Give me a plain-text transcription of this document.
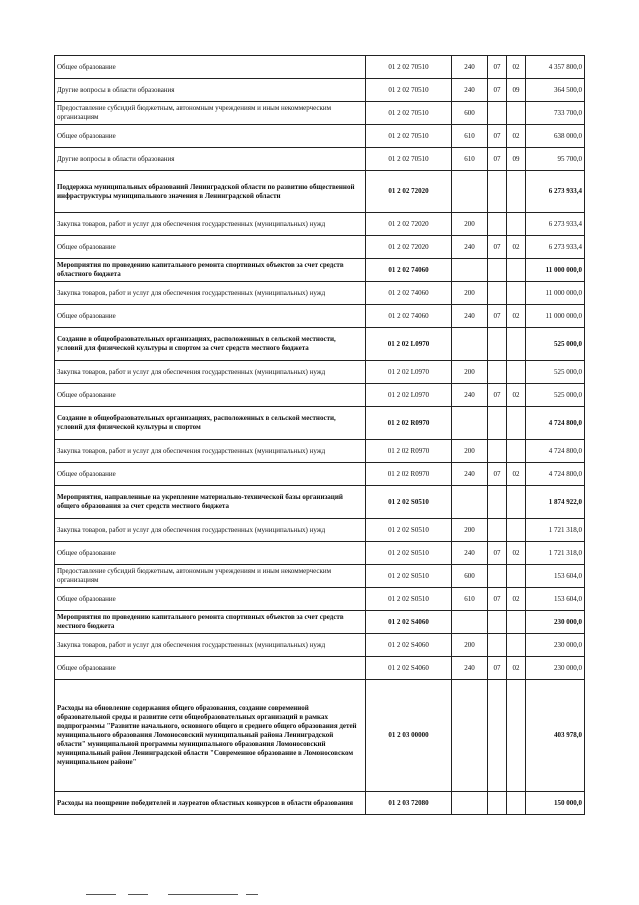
Общее образование	01 2 02 70510	240	07	02	4 357 800,0
Другие вопросы в области образования	01 2 02 70510	240	07	09	364 500,0
Предоставление субсидий бюджетным, автономным учреждениям и иным некоммерческим организациям	01 2 02 70510	600			733 700,0
Общее образование	01 2 02 70510	610	07	02	638 000,0
Другие вопросы в области образования	01 2 02 70510	610	07	09	95 700,0
Поддержка муниципальных образований Ленинградской области по развитию общественной инфраструктуры муниципального значения в Ленинградской области	01 2 02 72020				6 273 933,4
Закупка товаров, работ и услуг для обеспечения государственных (муниципальных) нужд	01 2 02 72020	200			6 273 933,4
Общее образование	01 2 02 72020	240	07	02	6 273 933,4
Мероприятия по проведению капитального ремонта спортивных объектов за счет средств областного бюджета	01 2 02 74060				11 000 000,0
Закупка товаров, работ и услуг для обеспечения государственных (муниципальных) нужд	01 2 02 74060	200			11 000 000,0
Общее образование	01 2 02 74060	240	07	02	11 000 000,0
Создание в общеобразовательных организациях, расположенных в сельской местности, условий для физической культуры и спортом за счет средств местного бюджета	01 2 02 L0970				525 000,0
Закупка товаров, работ и услуг для обеспечения государственных (муниципальных) нужд	01 2 02 L0970	200			525 000,0
Общее образование	01 2 02 L0970	240	07	02	525 000,0
Создание в общеобразовательных организациях, расположенных в сельской местности, условий для физической культуры и спортом	01 2 02 R0970				4 724 800,0
Закупка товаров, работ и услуг для обеспечения государственных (муниципальных) нужд	01 2 02 R0970	200			4 724 800,0
Общее образование	01 2 02 R0970	240	07	02	4 724 800,0
Мероприятия, направленные на укрепление материально-технической базы организаций общего образования за счет средств местного бюджета	01 2 02 S0510				1 874 922,0
Закупка товаров, работ и услуг для обеспечения государственных (муниципальных) нужд	01 2 02 S0510	200			1 721 318,0
Общее образование	01 2 02 S0510	240	07	02	1 721 318,0
Предоставление субсидий бюджетным, автономным учреждениям и иным некоммерческим организациям	01 2 02 S0510	600			153 604,0
Общее образование	01 2 02 S0510	610	07	02	153 604,0
Мероприятия по проведению капитального ремонта спортивных объектов за счет средств местного бюджета	01 2 02 S4060				230 000,0
Закупка товаров, работ и услуг для обеспечения государственных (муниципальных) нужд	01 2 02 S4060	200			230 000,0
Общее образование	01 2 02 S4060	240	07	02	230 000,0
Расходы на обновление содержания общего образования, создание современной образовательной среды и развитие сети общеобразовательных организаций в рамках подпрограммы "Развитие начального, основного общего и среднего общего образования детей муниципального образования Ломоносовский муниципальный района Ленинградской области" муниципальной программы муниципального образования Ломоносовский муниципальный район Ленинградской области "Современное образование в Ломоносовском муниципальном районе"	01 2 03 00000				403 978,0
Расходы на поощрение победителей и лауреатов областных конкурсов в области образования	01 2 03 72080				150 000,0
